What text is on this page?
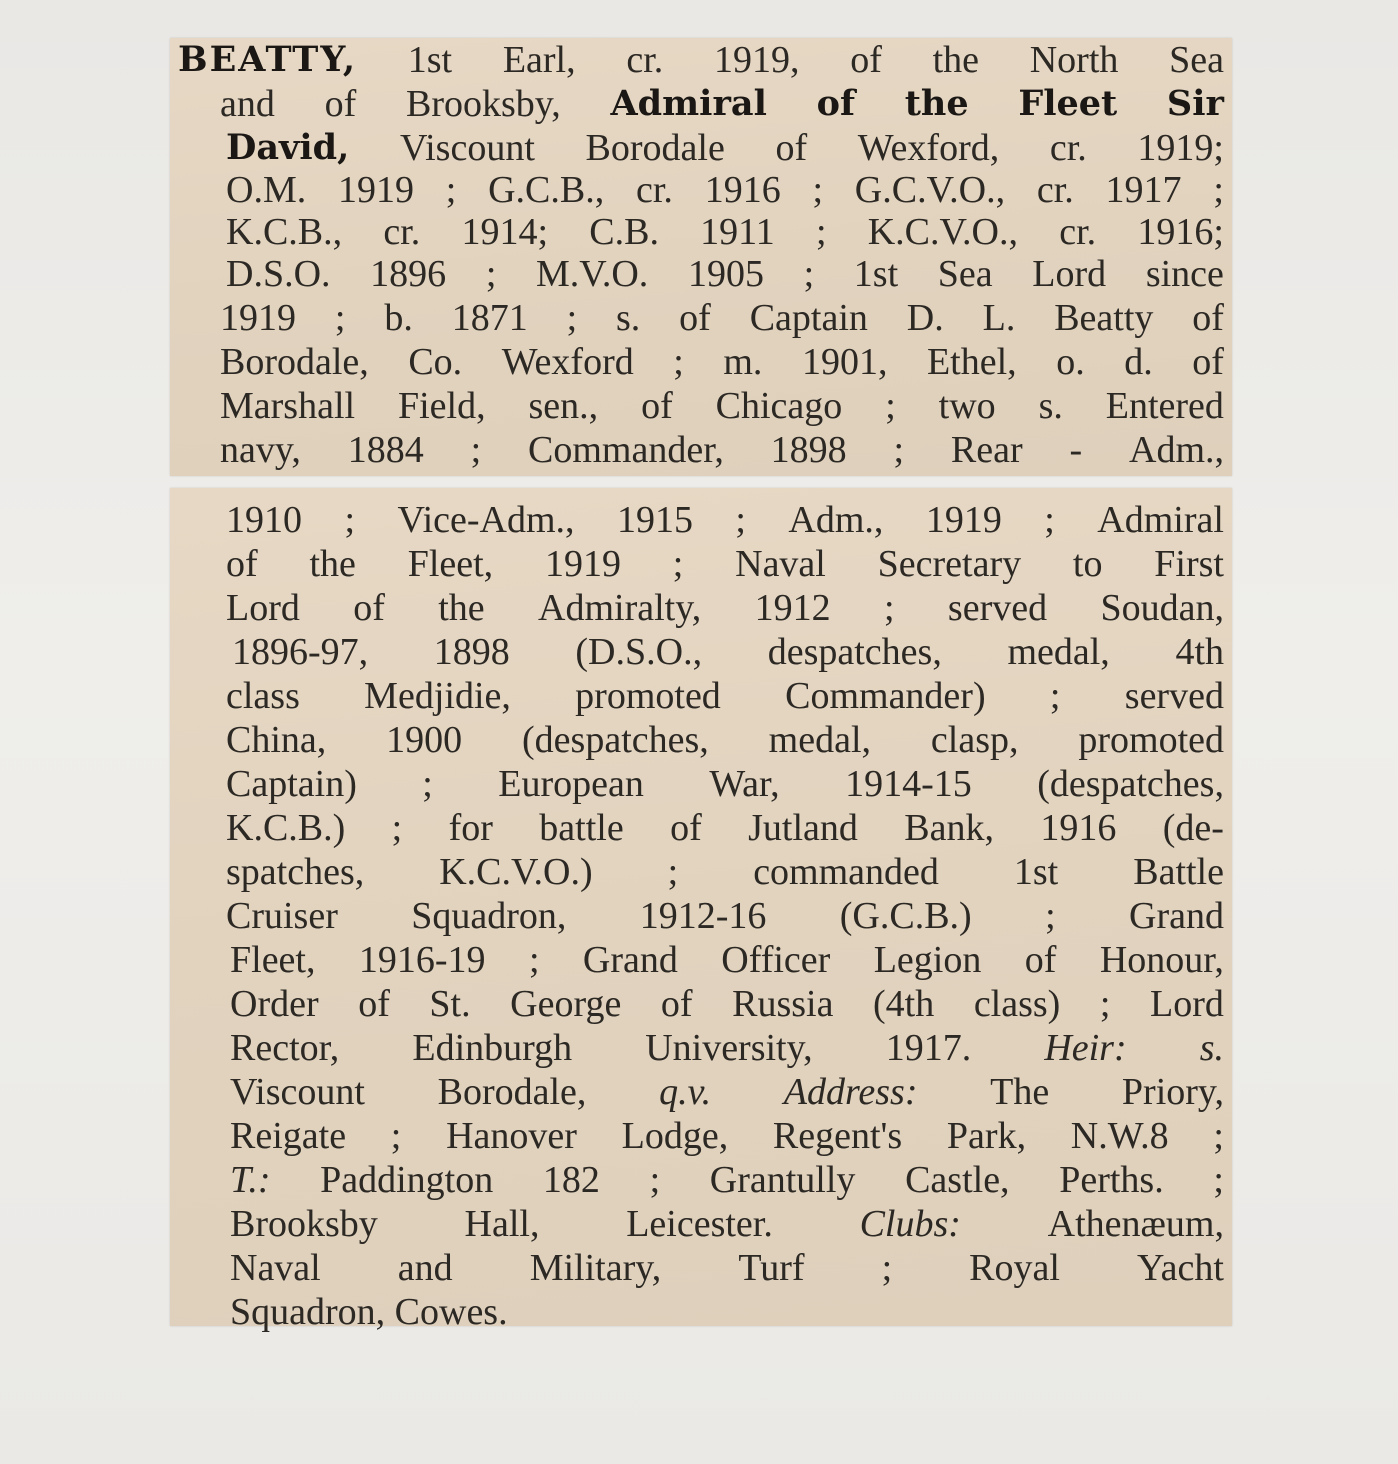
BEATTY, 1st Earl, cr. 1919, of the North Sea
and of Brooksby, Admiral of the Fleet Sir
David, Viscount Borodale of Wexford, cr. 1919;
O.M. 1919 ; G.C.B., cr. 1916 ; G.C.V.O., cr. 1917 ;
K.C.B., cr. 1914; C.B. 1911 ; K.C.V.O., cr. 1916;
D.S.O. 1896 ; M.V.O. 1905 ; 1st Sea Lord since
1919 ; b. 1871 ; s. of Captain D. L. Beatty of
Borodale, Co. Wexford ; m. 1901, Ethel, o. d. of
Marshall Field, sen., of Chicago ; two s. Entered
navy, 1884 ; Commander, 1898 ; Rear - Adm.,
1910 ; Vice-Adm., 1915 ; Adm., 1919 ; Admiral
of the Fleet, 1919 ; Naval Secretary to First
Lord of the Admiralty, 1912 ; served Soudan,
1896-97, 1898 (D.S.O., despatches, medal, 4th
class Medjidie, promoted Commander) ; served
China, 1900 (despatches, medal, clasp, promoted
Captain) ; European War, 1914-15 (despatches,
K.C.B.) ; for battle of Jutland Bank, 1916 (de-
spatches, K.C.V.O.) ; commanded 1st Battle
Cruiser Squadron, 1912-16 (G.C.B.) ; Grand
Fleet, 1916-19 ; Grand Officer Legion of Honour,
Order of St. George of Russia (4th class) ; Lord
Rector, Edinburgh University, 1917. Heir: s.
Viscount Borodale, q.v. Address: The Priory,
Reigate ; Hanover Lodge, Regent's Park, N.W.8 ;
T.: Paddington 182 ; Grantully Castle, Perths. ;
Brooksby Hall, Leicester. Clubs: Athenæum,
Naval and Military, Turf ; Royal Yacht
Squadron, Cowes.
